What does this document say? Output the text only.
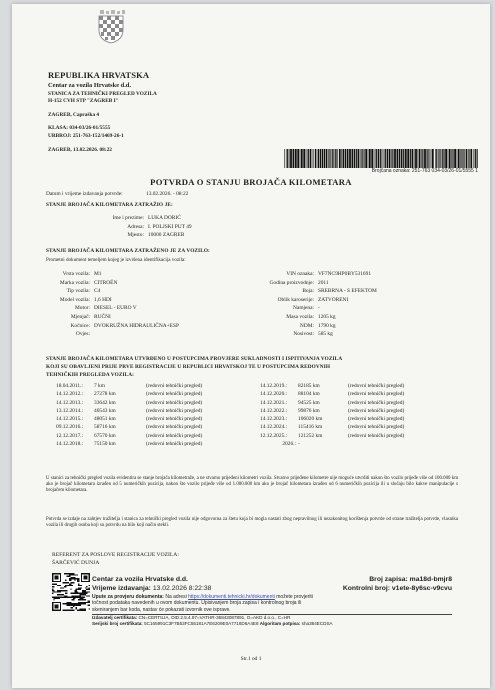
REPUBLIKA HRVATSKA
Centar za vozila Hrvatske d.d.
STANICA ZA TEHNIČKI PREGLED VOZILA
H-152 CVH STP "ZAGREB I"
ZAGREB, Capraška 4
KLASA: 034-03/26-01/5555
URBROJ: 251-763-152/1469-26-1
ZAGREB, 13.02.2026. 08:22
Brojčana oznaka: 251-763 034-03/26-01/5555 1
POTVRDA O STANJU BROJAČA KILOMETARA
Datum i vrijeme izdavanja potvrde:	13.02.2026. - 08:22
STANJE BROJAČA KILOMETARA ZATRAŽIO JE:
Ime i prezime: LUKA DORIĆ
Adresa: I. POLJSKI PUT 49
Mjesto: 10000 ZAGREB
STANJE BROJAČA KILOMETARA ZATRAŽENO JE ZA VOZILO:
Prometni dokument temeljem kojeg je izvršena identifikacija vozila:
Vrsta vozila: M1
Marka vozila: CITROËN
Tip vozila: C4
Model vozila: 1,6 HDI
Motor: DIESEL - EURO V
Mjenjač: RUČNI
Kočnice: DVOKRUŽNA HIDRAULIČNA+ESP
Ovjes:
VIN oznaka: VF7NC9HP0BY531691
Godina proizvodnje: 2011
Boja: SREBRNA - S EFEKTOM
Oblik karoserije: ZATVORENI
Namjena: -
Masa vozila: 1205 kg
NDM: 1790 kg
Nosivost: 585 kg
STANJE BROJAČA KILOMETARA UTVRĐENO U POSTUPCIMA PROVJERE SUKLADNOSTI I ISPITIVANJA VOZILA
KOJI SU OBAVLJENI PRIJE PRVE REGISTRACIJE U REPUBLICI HRVATSKOJ TE U POSTUPCIMA REDOVNIH
TEHNIČKIH PREGLEDA VOZILA:
18.04.2011.: 7 km	(redovni tehnički pregled)
14.12.2012.: 27278 km	(redovni tehnički pregled)
14.12.2013.: 33642 km	(redovni tehnički pregled)
13.12.2014.: 40543 km	(redovni tehnički pregled)
14.12.2015.: 48051 km	(redovni tehnički pregled)
09.12.2016.: 58716 km	(redovni tehnički pregled)
12.12.2017.: 67570 km	(redovni tehnički pregled)
14.12.2018.: 75150 km	(redovni tehnički pregled)
14.12.2019.: 82185 km	(redovni tehnički pregled)
14.12.2020.: 88104 km	(redovni tehnički pregled)
14.12.2021.: 94525 km	(redovni tehnički pregled)
14.12.2022.: 99876 km	(redovni tehnički pregled)
14.12.2023.: 106020 km	(redovni tehnički pregled)
14.12.2024.: 115416 km	(redovni tehnički pregled)
12.12.2025.: 121252 km	(redovni tehnički pregled)
2026.: -
U stanici za tehnički pregled vozila evidentira se stanje brojača kilometraže, a ne stvarno prijeđeni kilometri vozila. Stvarno prijeđene kilometre nije moguće utvrditi nakon što vozilo prijeđe više od 100.000 km ako je brojač kilometara izrađen od 5 numeričkih pozicija, nakon što vozilo prijeđe više od 1.000.000 km ako je brojač kilometara izrađen od 6 numeričkih pozicija ili u slučaju bilo kakve manipulacije s brojačem kilometara.
Potvrda se izdaje na zahtjev tražitelja i stanica za tehnički pregled vozila nije odgovorna za štetu koja bi mogla nastati zbog nepravilnog ili nezakonitog korištenja potvrde od strane tražitelja potvrde, vlasnika vozila ili drugih osoba koji su potvrdu na bilo koji način stekli.
REFERENT ZA POSLOVE REGISTRACIJE VOZILA:
ŠARČEVIĆ DUNJA
Centar za vozila Hrvatske d.d.	Broj zapisa: ma18d-bmjr8
Vrijeme izdavanja: 13.02.2026 8:22:38	Kontrolni broj: v1ete-8y6sc-v9cvu
Upute za provjeru dokumenta: Na adresi https://dokumenti.tehnicki.hr/dokumenti možete provjeriti točnost podataka navedenih u ovom dokumentu. Upisivanjem broja zapisa i kontrolnog broja ili skeniranjem bar koda, nastav će pokazati izvornik ove isprave.
Izdavatelj certifikata: CN=CERTILIA, OID.2.5.4.97=VATHR-35843087891, O=AKD d.o.o., C=HR
Serijski broj certifikata: 5C165991C3F7B53FC55181A7E6209E0A7716D6A4E8 Algoritam potpisa: sha384ECDSA
Str.1 od 1
